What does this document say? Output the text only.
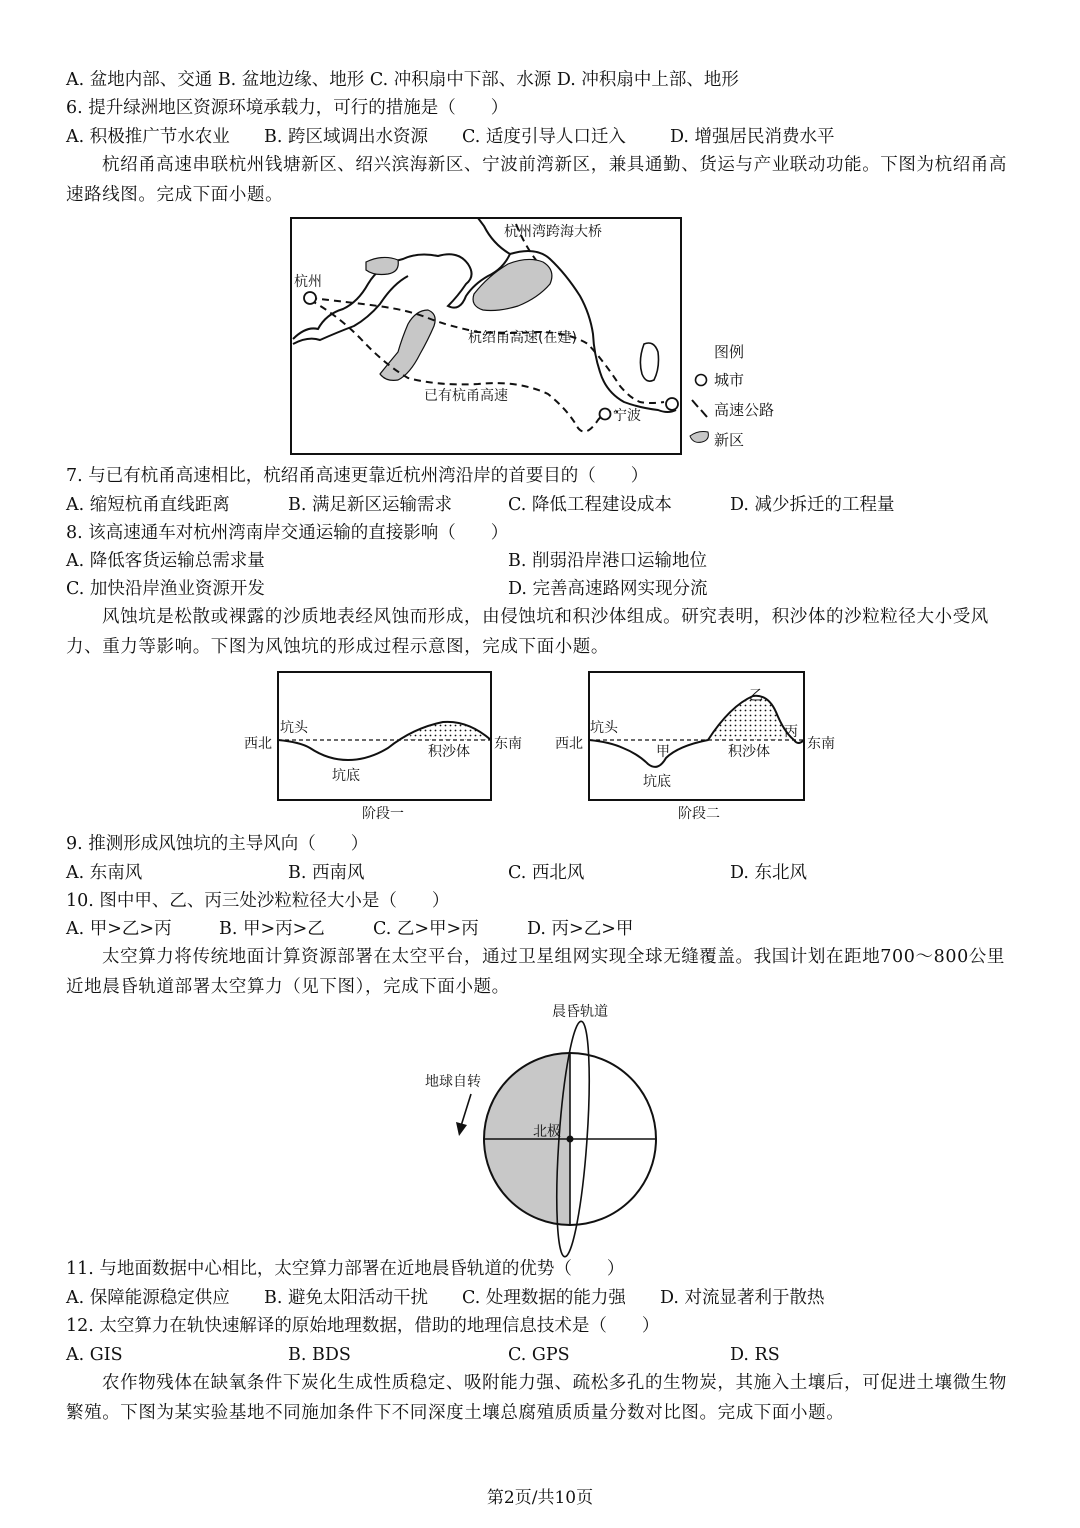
A. 盆地内部、交通 B. 盆地边缘、地形 C. 冲积扇中下部、水源 D. 冲积扇中上部、地形
6. 提升绿洲地区资源环境承载力，可行的措施是（　　）
A. 积极推广节水农业 B. 跨区域调出水资源 C. 适度引导人口迁入	D. 增强居民消费水平
杭绍甬高速串联杭州钱塘新区、绍兴滨海新区、宁波前湾新区，兼具通勤、货运与产业联动功能。下图为杭绍甬高速路线图。完成下面小题。
杭州湾跨海大桥
杭州
杭绍甬高速(在建)
已有杭甬高速
宁波
图例
城市
高速公路
新区
7. 与已有杭甬高速相比，杭绍甬高速更靠近杭州湾沿岸的首要目的（　　）
A. 缩短杭甬直线距离	B. 满足新区运输需求	C. 降低工程建设成本	D. 减少拆迁的工程量
8. 该高速通车对杭州湾南岸交通运输的直接影响（　　）
A. 降低客货运输总需求量	B. 削弱沿岸港口运输地位
C. 加快沿岸渔业资源开发	D. 完善高速路网实现分流
风蚀坑是松散或裸露的沙质地表经风蚀而形成，由侵蚀坑和积沙体组成。研究表明，积沙体的沙粒粒径大小受风力、重力等影响。下图为风蚀坑的形成过程示意图，完成下面小题。
坑头
坑底
积沙体
西北	东南
阶段一
坑头
甲
乙
丙
坑底
积沙体
西北	东南
阶段二
9. 推测形成风蚀坑的主导风向（　　）
A. 东南风	B. 西南风	C. 西北风	D. 东北风
10. 图中甲、乙、丙三处沙粒粒径大小是（　　）
A. 甲>乙>丙	B. 甲>丙>乙	C. 乙>甲>丙	D. 丙>乙>甲
太空算力将传统地面计算资源部署在太空平台，通过卫星组网实现全球无缝覆盖。我国计划在距地700～800公里近地晨昏轨道部署太空算力（见下图），完成下面小题。
晨昏轨道
地球自转
北极
11. 与地面数据中心相比，太空算力部署在近地晨昏轨道的优势（　　）
A. 保障能源稳定供应 B. 避免太阳活动干扰 C. 处理数据的能力强 D. 对流显著利于散热
12. 太空算力在轨快速解译的原始地理数据，借助的地理信息技术是（　　）
A. GIS	B. BDS	C. GPS	D. RS
农作物残体在缺氧条件下炭化生成性质稳定、吸附能力强、疏松多孔的生物炭，其施入土壤后，可促进土壤微生物繁殖。下图为某实验基地不同施加条件下不同深度土壤总腐殖质质量分数对比图。完成下面小题。
第2页/共10页
